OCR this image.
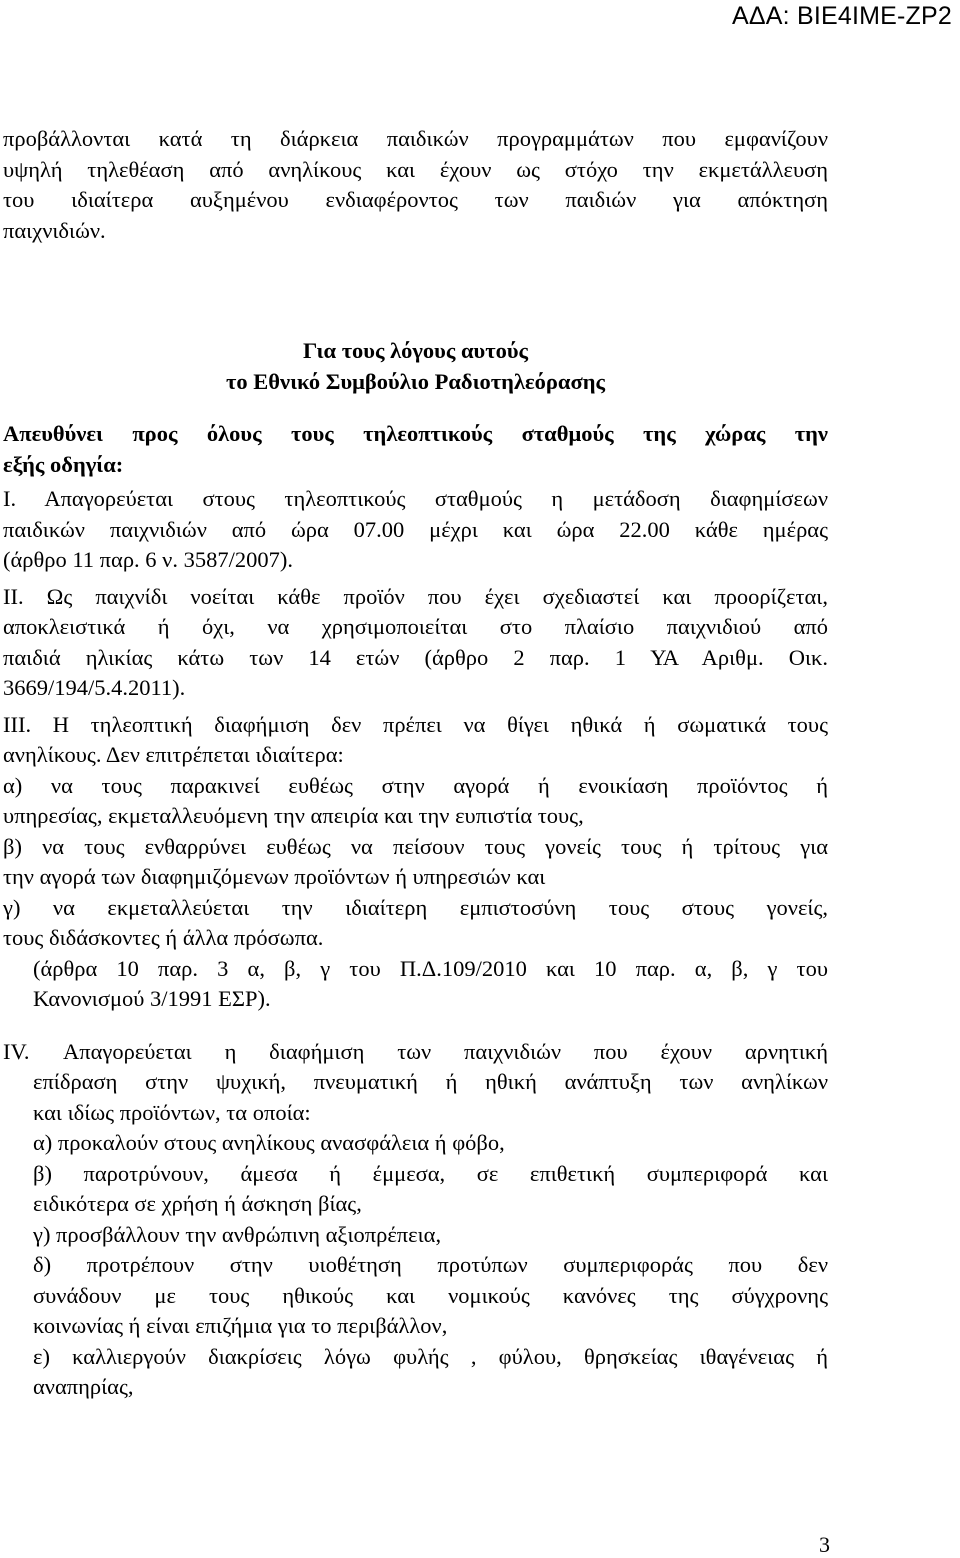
ΑΔΑ: ΒΙΕ4ΙΜΕ-ΖΡ2

προβάλλονται κατά τη διάρκεια παιδικών προγραμμάτων που εμφανίζουν

υψηλή τηλεθέαση από ανηλίκους και έχουν ως στόχο την εκμετάλλευση

του ιδιαίτερα αυξημένου ενδιαφέροντος των παιδιών για απόκτηση

παιχνιδιών.

Για τους λόγους αυτούς

το Εθνικό Συμβούλιο Ραδιοτηλεόρασης

Απευθύνει προς όλους τους τηλεοπτικούς σταθμούς της χώρας την

εξής οδηγία:

Ι. Απαγορεύεται στους τηλεοπτικούς σταθμούς η μετάδοση διαφημίσεων

παιδικών παιχνιδιών από ώρα 07.00 μέχρι και ώρα 22.00 κάθε ημέρας

(άρθρο 11 παρ. 6 ν. 3587/2007).

ΙΙ. Ως παιχνίδι νοείται κάθε προϊόν που έχει σχεδιαστεί και προορίζεται,

αποκλειστικά ή όχι, να χρησιμοποιείται στο πλαίσιο παιχνιδιού από

παιδιά ηλικίας κάτω των 14 ετών (άρθρο 2 παρ. 1 ΥΑ Αριθμ. Οικ.

3669/194/5.4.2011).

ΙΙΙ. Η τηλεοπτική διαφήμιση δεν πρέπει να θίγει ηθικά ή σωματικά τους

ανηλίκους. Δεν επιτρέπεται ιδιαίτερα:

α) να τους παρακινεί ευθέως στην αγορά ή ενοικίαση προϊόντος ή

υπηρεσίας, εκμεταλλευόμενη την απειρία και την ευπιστία τους,

β) να τους ενθαρρύνει ευθέως να πείσουν τους γονείς τους ή τρίτους για

την αγορά των διαφημιζόμενων προϊόντων ή υπηρεσιών και

γ) να εκμεταλλεύεται την ιδιαίτερη εμπιστοσύνη τους στους γονείς,

τους διδάσκοντες ή άλλα πρόσωπα.

(άρθρα 10 παρ. 3 α, β, γ του Π.Δ.109/2010 και 10 παρ. α, β, γ του

Κανονισμού 3/1991 ΕΣΡ).

ΙV.	Απαγορεύεται η διαφήμιση των παιχνιδιών που έχουν αρνητική

επίδραση στην ψυχική, πνευματική ή ηθική ανάπτυξη των ανηλίκων

και ιδίως προϊόντων, τα οποία:

α) προκαλούν στους ανηλίκους ανασφάλεια ή φόβο,

β) παροτρύνουν, άμεσα ή έμμεσα, σε επιθετική συμπεριφορά και

ειδικότερα σε χρήση ή άσκηση βίας,

γ) προσβάλλουν την ανθρώπινη αξιοπρέπεια,

δ) προτρέπουν στην υιοθέτηση προτύπων συμπεριφοράς που δεν

συνάδουν με τους ηθικούς και νομικούς κανόνες της σύγχρονης

κοινωνίας ή είναι επιζήμια για το περιβάλλον,

ε) καλλιεργούν διακρίσεις λόγω φυλής , φύλου, θρησκείας ιθαγένειας ή

αναπηρίας,

3
